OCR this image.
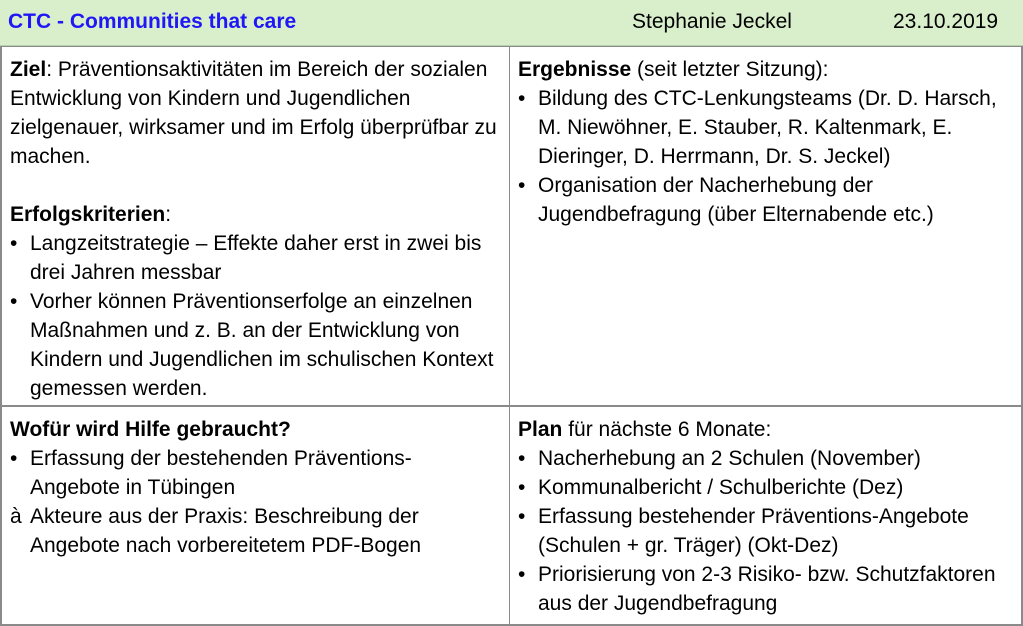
CTC - Communities that care	Stephanie Jeckel	23.10.2019

Ziel: Präventionsaktivitäten im Bereich der sozialen Entwicklung von Kindern und Jugendlichen zielgenauer, wirksamer und im Erfolg überprüfbar zu machen.

Erfolgskriterien:

• Langzeitstrategie – Effekte daher erst in zwei bis drei Jahren messbar
• Vorher können Präventionserfolge an einzelnen Maßnahmen und z. B. an der Entwicklung von Kindern und Jugendlichen im schulischen Kontext gemessen werden.

Ergebnisse (seit letzter Sitzung):

• Bildung des CTC-Lenkungsteams (Dr. D. Harsch, M. Niewöhner, E. Stauber, R. Kaltenmark, E. Dieringer, D. Herrmann, Dr. S. Jeckel)
• Organisation der Nacherhebung der Jugendbefragung (über Elternabende etc.)

Wofür wird Hilfe gebraucht?

• Erfassung der bestehenden Präventions-Angebote in Tübingen
à Akteure aus der Praxis: Beschreibung der Angebote nach vorbereitetem PDF-Bogen

Plan für nächste 6 Monate:

• Nacherhebung an 2 Schulen (November)
• Kommunalbericht / Schulberichte (Dez)
• Erfassung bestehender Präventions-Angebote (Schulen + gr. Träger) (Okt-Dez)
• Priorisierung von 2-3 Risiko- bzw. Schutzfaktoren aus der Jugendbefragung
